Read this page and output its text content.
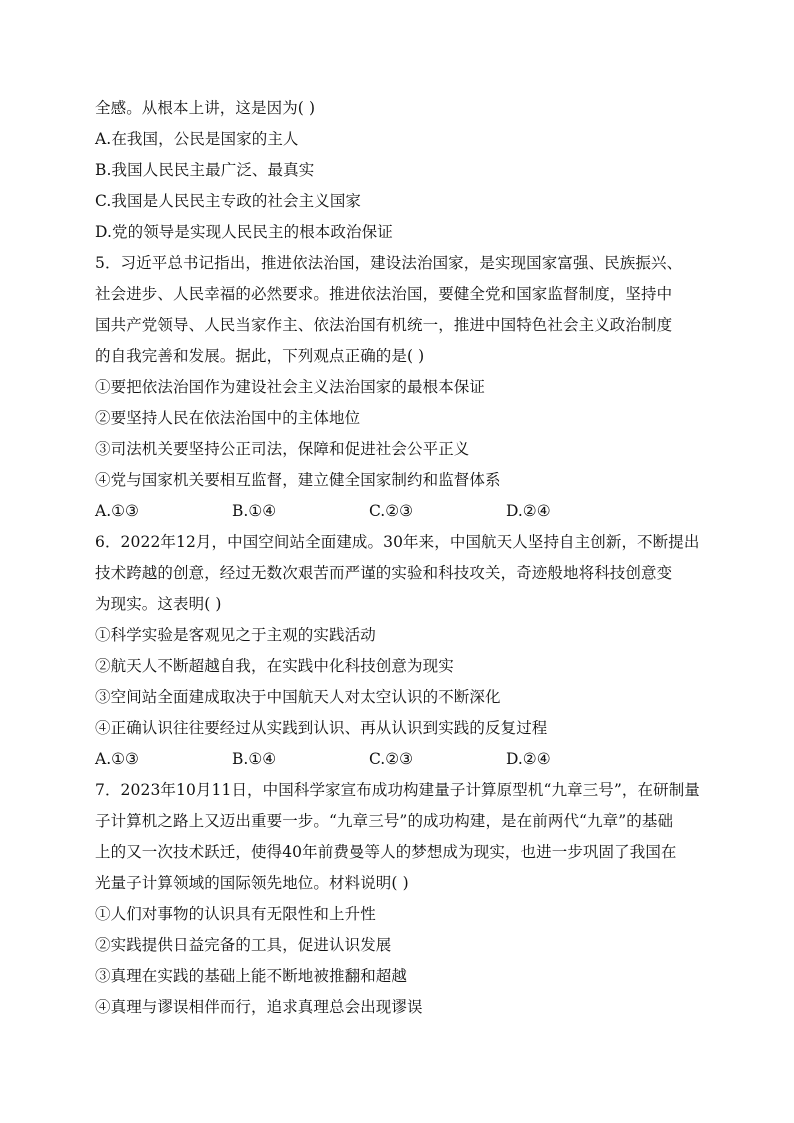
全感。从根本上讲，这是因为( )
A.在我国，公民是国家的主人
B.我国人民民主最广泛、最真实
C.我国是人民民主专政的社会主义国家
D.党的领导是实现人民民主的根本政治保证
5．习近平总书记指出，推进依法治国，建设法治国家，是实现国家富强、民族振兴、
社会进步、人民幸福的必然要求。推进依法治国，要健全党和国家监督制度，坚持中
国共产党领导、人民当家作主、依法治国有机统一，推进中国特色社会主义政治制度
的自我完善和发展。据此，下列观点正确的是( )
①要把依法治国作为建设社会主义法治国家的最根本保证
②要坚持人民在依法治国中的主体地位
③司法机关要坚持公正司法，保障和促进社会公平正义
④党与国家机关要相互监督，建立健全国家制约和监督体系
A.①③	B.①④	C.②③	D.②④
6．2022年12月，中国空间站全面建成。30年来，中国航天人坚持自主创新，不断提出
技术跨越的创意，经过无数次艰苦而严谨的实验和科技攻关，奇迹般地将科技创意变
为现实。这表明( )
①科学实验是客观见之于主观的实践活动
②航天人不断超越自我，在实践中化科技创意为现实
③空间站全面建成取决于中国航天人对太空认识的不断深化
④正确认识往往要经过从实践到认识、再从认识到实践的反复过程
A.①③	B.①④	C.②③	D.②④
7．2023年10月11日，中国科学家宣布成功构建量子计算原型机“九章三号”，在研制量
子计算机之路上又迈出重要一步。“九章三号”的成功构建，是在前两代“九章”的基础
上的又一次技术跃迁，使得40年前费曼等人的梦想成为现实，也进一步巩固了我国在
光量子计算领域的国际领先地位。材料说明( )
①人们对事物的认识具有无限性和上升性
②实践提供日益完备的工具，促进认识发展
③真理在实践的基础上能不断地被推翻和超越
④真理与谬误相伴而行，追求真理总会出现谬误
